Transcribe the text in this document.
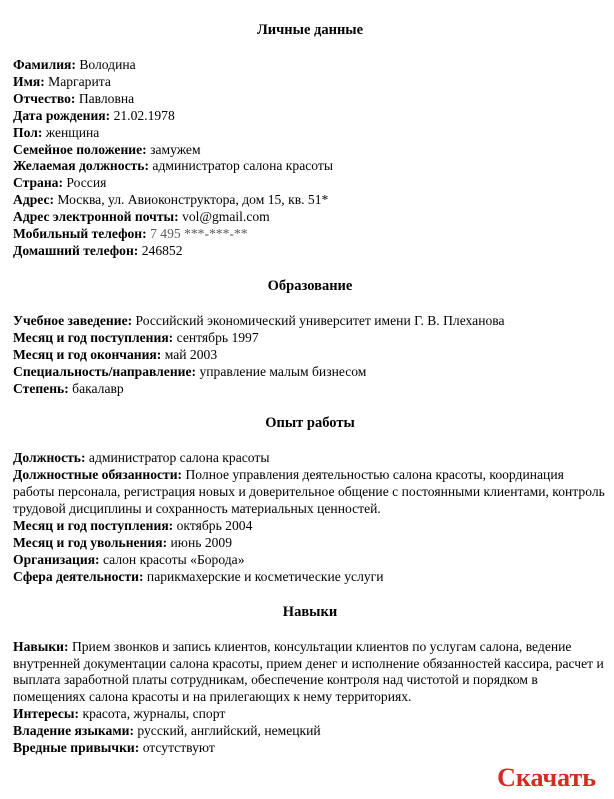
Личные данные
Фамилия: Володина
Имя: Маргарита
Отчество: Павловна
Дата рождения: 21.02.1978
Пол: женщина
Семейное положение: замужем
Желаемая должность: администратор салона красоты
Страна: Россия
Адрес: Москва, ул. Авиоконструктора, дом 15, кв. 51*
Адрес электронной почты: vol@gmail.com
Мобильный телефон: 7 495 ***-***-**
Домашний телефон: 246852
Образование
Учебное заведение: Российский экономический университет имени Г. В. Плеханова
Месяц и год поступления: сентябрь 1997
Месяц и год окончания: май 2003
Специальность/направление: управление малым бизнесом
Степень: бакалавр
Опыт работы
Должность: администратор салона красоты
Должностные обязанности: Полное управления деятельностью салона красоты, координация работы персонала, регистрация новых и доверительное общение с постоянными клиентами, контроль трудовой дисциплины и сохранность материальных ценностей.
Месяц и год поступления: октябрь 2004
Месяц и год увольнения: июнь 2009
Организация: салон красоты «Борода»
Сфера деятельности: парикмахерские и косметические услуги
Навыки
Навыки: Прием звонков и запись клиентов, консультации клиентов по услугам салона, ведение внутренней документации салона красоты, прием денег и исполнение обязанностей кассира, расчет и выплата заработной платы сотрудникам, обеспечение контроля над чистотой и порядком в помещениях салона красоты и на прилегающих к нему территориях.
Интересы: красота, журналы, спорт
Владение языками: русский, английский, немецкий
Вредные привычки: отсутствуют
Скачать
